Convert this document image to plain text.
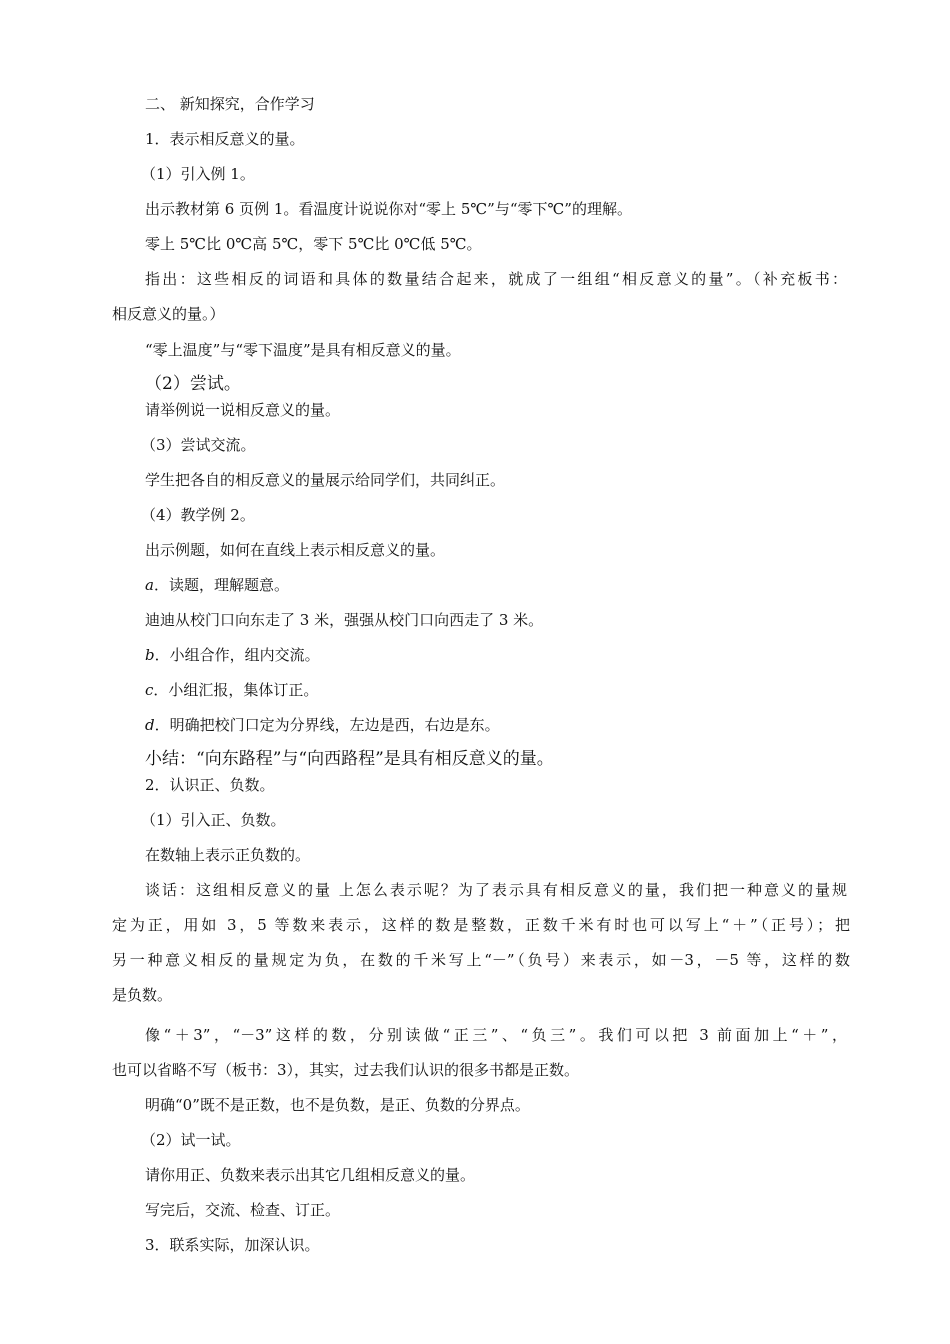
二、 新知探究，合作学习
1．表示相反意义的量。
（1）引入例 1。
出示教材第 6 页例 1。看温度计说说你对“零上 5℃”与“零下℃”的理解。
零上 5℃比 0℃高 5℃，零下 5℃比 0℃低 5℃。
指出：这些相反的词语和具体的数量结合起来，就成了一组组“相反意义的量”。（补充板书：
相反意义的量。）
“零上温度”与“零下温度”是具有相反意义的量。
（2）尝试。
请举例说一说相反意义的量。
（3）尝试交流。
学生把各自的相反意义的量展示给同学们，共同纠正。
（4）教学例 2。
出示例题，如何在直线上表示相反意义的量。
a．读题，理解题意。
迪迪从校门口向东走了 3 米，强强从校门口向西走了 3 米。
b．小组合作，组内交流。
c．小组汇报，集体订正。
d．明确把校门口定为分界线，左边是西，右边是东。
小结：“向东路程”与“向西路程”是具有相反意义的量。
2．认识正、负数。
（1）引入正、负数。
在数轴上表示正负数的。
谈话：这组相反意义的量 上怎么表示呢？为了表示具有相反意义的量，我们把一种意义的量规
定为正，用如 3，5 等数来表示，这样的数是整数，正数千米有时也可以写上“＋”（正号）；把
另一种意义相反的量规定为负，在数的千米写上“－”（负号）来表示，如－3，－5 等，这样的数
是负数。
像“＋3”，“－3”这样的数，分别读做“正三”、“负三”。我们可以把 3 前面加上“＋”，
也可以省略不写（板书：3），其实，过去我们认识的很多书都是正数。
明确“0”既不是正数，也不是负数，是正、负数的分界点。
（2）试一试。
请你用正、负数来表示出其它几组相反意义的量。
写完后，交流、检查、订正。
3．联系实际，加深认识。
